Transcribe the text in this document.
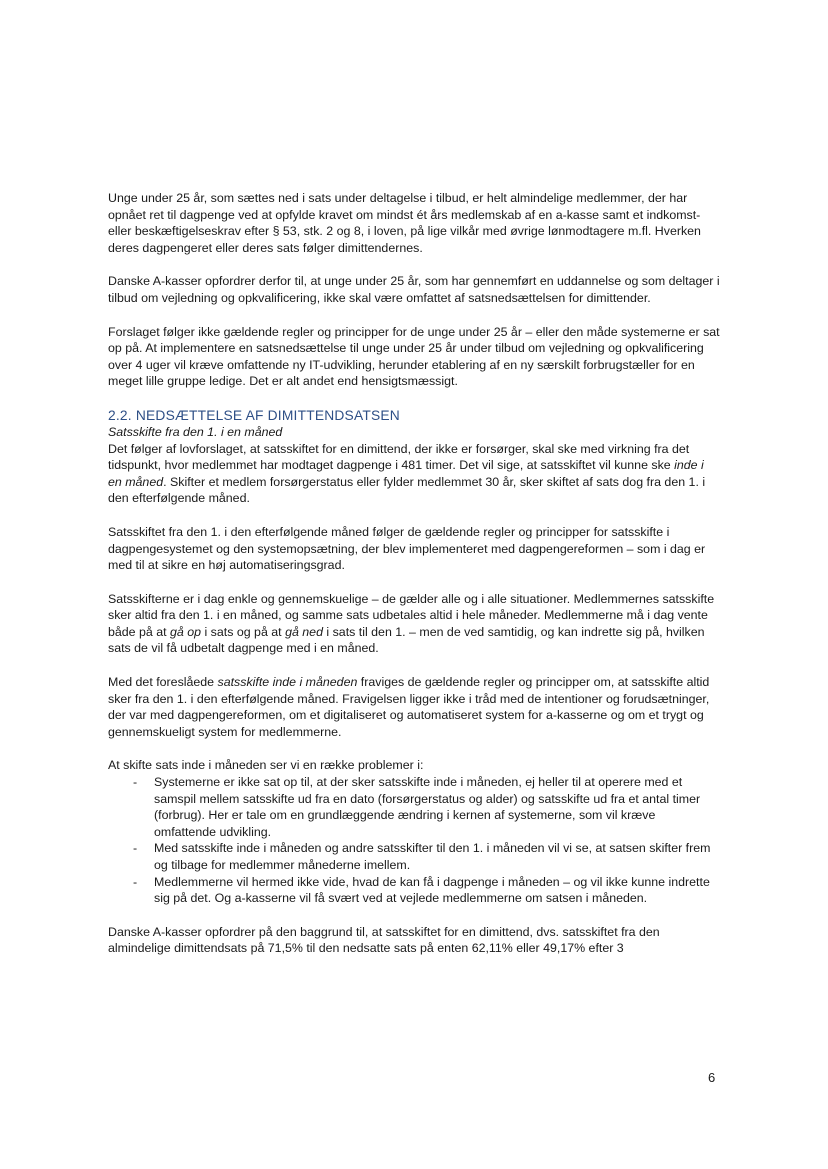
Unge under 25 år, som sættes ned i sats under deltagelse i tilbud, er helt almindelige medlemmer, der har opnået ret til dagpenge ved at opfylde kravet om mindst ét års medlemskab af en a-kasse samt et indkomst- eller beskæftigelseskrav efter § 53, stk. 2 og 8, i loven, på lige vilkår med øvrige lønmodtagere m.fl. Hverken deres dagpengeret eller deres sats følger dimittendernes.

Danske A-kasser opfordrer derfor til, at unge under 25 år, som har gennemført en uddannelse og som deltager i tilbud om vejledning og opkvalificering, ikke skal være omfattet af satsnedsættelsen for dimittender.

Forslaget følger ikke gældende regler og principper for de unge under 25 år – eller den måde systemerne er sat op på. At implementere en satsnedsættelse til unge under 25 år under tilbud om vejledning og opkvalificering over 4 uger vil kræve omfattende ny IT-udvikling, herunder etablering af en ny særskilt forbrugstæller for en meget lille gruppe ledige. Det er alt andet end hensigtsmæssigt.

2.2. NEDSÆTTELSE AF DIMITTENDSATSEN
Satsskifte fra den 1. i en måned

Det følger af lovforslaget, at satsskiftet for en dimittend, der ikke er forsørger, skal ske med virkning fra det tidspunkt, hvor medlemmet har modtaget dagpenge i 481 timer. Det vil sige, at satsskiftet vil kunne ske inde i en måned. Skifter et medlem forsørgerstatus eller fylder medlemmet 30 år, sker skiftet af sats dog fra den 1. i den efterfølgende måned.

Satsskiftet fra den 1. i den efterfølgende måned følger de gældende regler og principper for satsskifte i dagpengesystemet og den systemopsætning, der blev implementeret med dagpengereformen – som i dag er med til at sikre en høj automatiseringsgrad.

Satsskifterne er i dag enkle og gennemskuelige – de gælder alle og i alle situationer. Medlemmernes satsskifte sker altid fra den 1. i en måned, og samme sats udbetales altid i hele måneder. Medlemmerne må i dag vente både på at gå op i sats og på at gå ned i sats til den 1. – men de ved samtidig, og kan indrette sig på, hvilken sats de vil få udbetalt dagpenge med i en måned.

Med det foreslåede satsskifte inde i måneden fraviges de gældende regler og principper om, at satsskifte altid sker fra den 1. i den efterfølgende måned. Fravigelsen ligger ikke i tråd med de intentioner og forudsætninger, der var med dagpengereformen, om et digitaliseret og automatiseret system for a-kasserne og om et trygt og gennemskueligt system for medlemmerne.

At skifte sats inde i måneden ser vi en række problemer i:

- Systemerne er ikke sat op til, at der sker satsskifte inde i måneden, ej heller til at operere med et samspil mellem satsskifte ud fra en dato (forsørgerstatus og alder) og satsskifte ud fra et antal timer (forbrug). Her er tale om en grundlæggende ændring i kernen af systemerne, som vil kræve omfattende udvikling.
- Med satsskifte inde i måneden og andre satsskifter til den 1. i måneden vil vi se, at satsen skifter frem og tilbage for medlemmer månederne imellem.
- Medlemmerne vil hermed ikke vide, hvad de kan få i dagpenge i måneden – og vil ikke kunne indrette sig på det. Og a-kasserne vil få svært ved at vejlede medlemmerne om satsen i måneden.

Danske A-kasser opfordrer på den baggrund til, at satsskiftet for en dimittend, dvs. satsskiftet fra den almindelige dimittendsats på 71,5% til den nedsatte sats på enten 62,11% eller 49,17% efter 3

6
